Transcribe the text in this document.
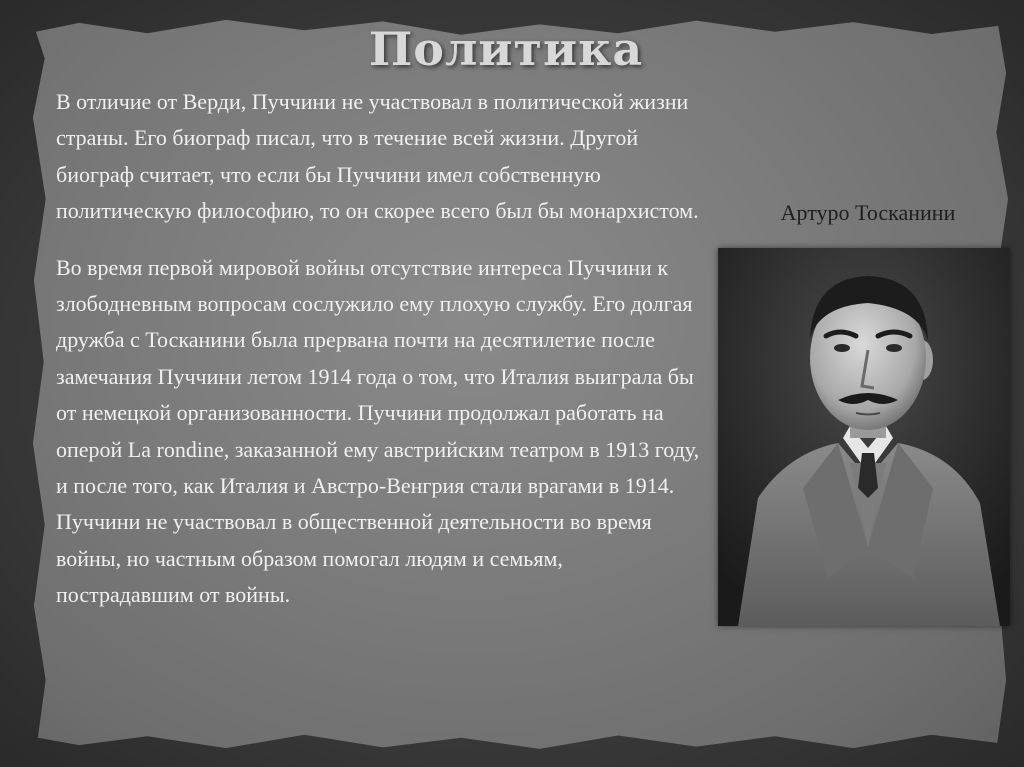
Политика

В отличие от Верди, Пуччини не участвовал в политической жизни страны. Его биограф писал, что в течение всей жизни. Другой биограф считает, что если бы Пуччини имел собственную политическую философию, то он скорее всего был бы монархистом.

Во время первой мировой войны отсутствие интереса Пуччини к злободневным вопросам сослужило ему плохую службу. Его долгая дружба с Тосканини была прервана почти на десятилетие после замечания Пуччини летом 1914 года о том, что Италия выиграла бы от немецкой организованности. Пуччини продолжал работать на оперой La rondine, заказанной ему австрийским театром в 1913 году, и после того, как Италия и Австро-Венгрия стали врагами в 1914. Пуччини не участвовал в общественной деятельности во время войны, но частным образом помогал людям и семьям, пострадавшим от войны.

Артуро Тосканини
